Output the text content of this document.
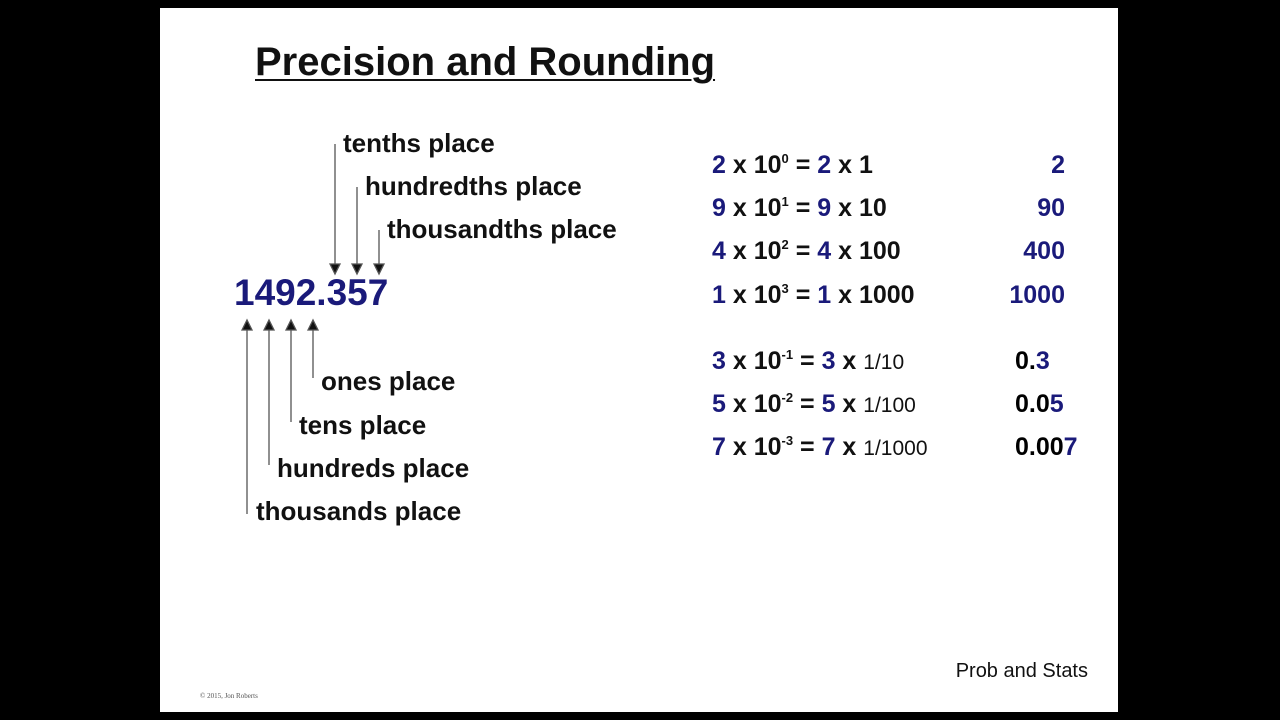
Precision and Rounding
tenths place
hundredths place
thousandths place
1492.357
ones place
tens place
hundreds place
thousands place
2 x $10^0 = 2$ x 1	2
9 x $10^1 = 9$ x 10	90
4 x $10^2 = 4$ x 100	400
1 x $10^3 = 1$ x 1000	1000
3 x $10^{-1} = 3$ x 1/10	0.3
5 x $10^{-2} = 5$ x 1/100	0.05
7 x $10^{-3} = 7$ x 1/1000	0.007
Prob and Stats
© 2015, Jon Roberts
